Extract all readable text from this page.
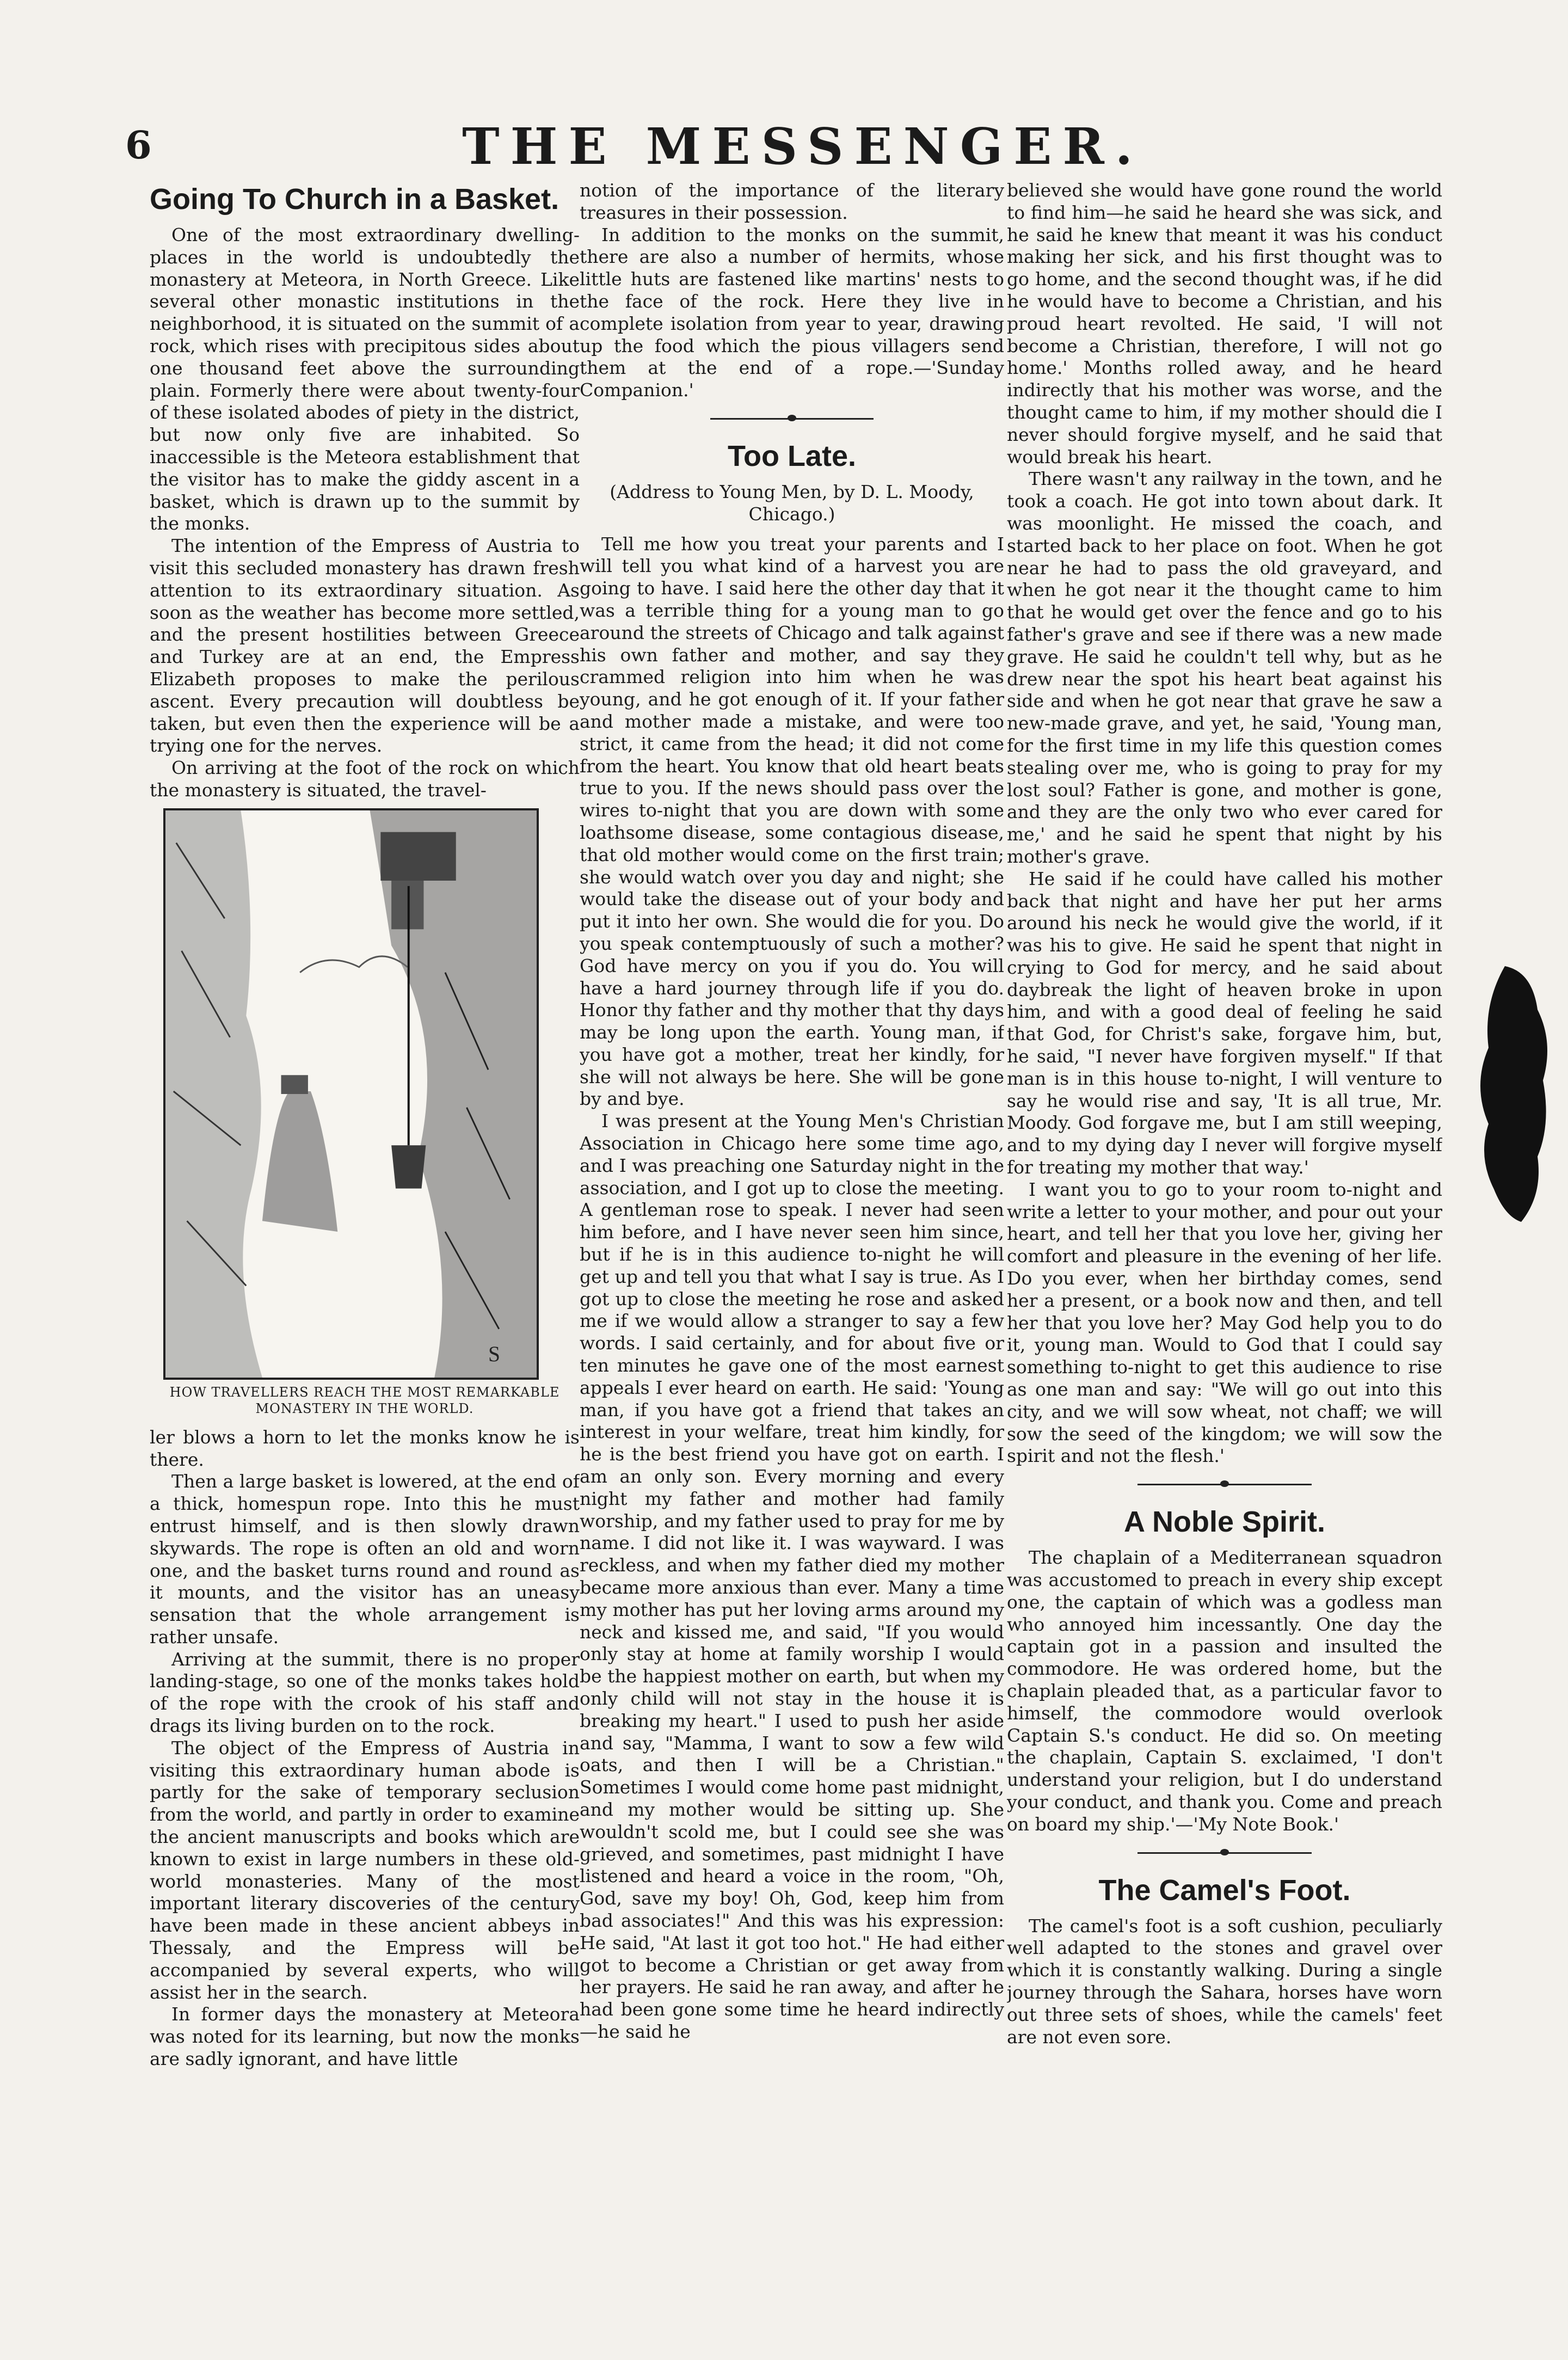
6	THE MESSENGER.
Going To Church in a Basket.

One of the most extraordinary dwelling-places in the world is undoubtedly the monastery at Meteora, in North Greece. Like several other monastic institutions in the neighborhood, it is situated on the summit of a rock, which rises with precipitous sides about one thousand feet above the surrounding plain. Formerly there were about twenty-four of these isolated abodes of piety in the district, but now only five are inhabited. So inaccessible is the Meteora establishment that the visitor has to make the giddy ascent in a basket, which is drawn up to the summit by the monks.

The intention of the Empress of Austria to visit this secluded monastery has drawn fresh attention to its extraordinary situation. As soon as the weather has become more settled, and the present hostilities between Greece and Turkey are at an end, the Empress Elizabeth proposes to make the perilous ascent. Every precaution will doubtless be taken, but even then the experience will be a trying one for the nerves.

On arriving at the foot of the rock on which the monastery is situated, the travel-

S

HOW TRAVELLERS REACH THE MOST REMARKABLE MONASTERY IN THE WORLD.

ler blows a horn to let the monks know he is there.

Then a large basket is lowered, at the end of a thick, homespun rope. Into this he must entrust himself, and is then slowly drawn skywards. The rope is often an old and worn one, and the basket turns round and round as it mounts, and the visitor has an uneasy sensation that the whole arrangement is rather unsafe.

Arriving at the summit, there is no proper landing-stage, so one of the monks takes hold of the rope with the crook of his staff and drags its living burden on to the rock.

The object of the Empress of Austria in visiting this extraordinary human abode is partly for the sake of temporary seclusion from the world, and partly in order to examine the ancient manuscripts and books which are known to exist in large numbers in these old-world monasteries. Many of the most important literary discoveries of the century have been made in these ancient abbeys in Thessaly, and the Empress will be accompanied by several experts, who will assist her in the search.

In former days the monastery at Meteora was noted for its learning, but now the monks are sadly ignorant, and have little

notion of the importance of the literary treasures in their possession.

In addition to the monks on the summit, there are also a number of hermits, whose little huts are fastened like martins' nests to the face of the rock. Here they live in complete isolation from year to year, drawing up the food which the pious villagers send them at the end of a rope.—'Sunday Companion.'

Too Late.

(Address to Young Men, by D. L. Moody, Chicago.)

Tell me how you treat your parents and I will tell you what kind of a harvest you are going to have. I said here the other day that it was a terrible thing for a young man to go around the streets of Chicago and talk against his own father and mother, and say they crammed religion into him when he was young, and he got enough of it. If your father and mother made a mistake, and were too strict, it came from the head; it did not come from the heart. You know that old heart beats true to you. If the news should pass over the wires to-night that you are down with some loathsome disease, some contagious disease, that old mother would come on the first train; she would watch over you day and night; she would take the disease out of your body and put it into her own. She would die for you. Do you speak contemptuously of such a mother? God have mercy on you if you do. You will have a hard journey through life if you do. Honor thy father and thy mother that thy days may be long upon the earth. Young man, if you have got a mother, treat her kindly, for she will not always be here. She will be gone by and bye.

I was present at the Young Men's Christian Association in Chicago here some time ago, and I was preaching one Saturday night in the association, and I got up to close the meeting. A gentleman rose to speak. I never had seen him before, and I have never seen him since, but if he is in this audience to-night he will get up and tell you that what I say is true. As I got up to close the meeting he rose and asked me if we would allow a stranger to say a few words. I said certainly, and for about five or ten minutes he gave one of the most earnest appeals I ever heard on earth. He said: 'Young man, if you have got a friend that takes an interest in your welfare, treat him kindly, for he is the best friend you have got on earth. I am an only son. Every morning and every night my father and mother had family worship, and my father used to pray for me by name. I did not like it. I was wayward. I was reckless, and when my father died my mother became more anxious than ever. Many a time my mother has put her loving arms around my neck and kissed me, and said, "If you would only stay at home at family worship I would be the happiest mother on earth, but when my only child will not stay in the house it is breaking my heart." I used to push her aside and say, "Mamma, I want to sow a few wild oats, and then I will be a Christian." Sometimes I would come home past midnight, and my mother would be sitting up. She wouldn't scold me, but I could see she was grieved, and sometimes, past midnight I have listened and heard a voice in the room, "Oh, God, save my boy! Oh, God, keep him from bad associates!" And this was his expression: He said, "At last it got too hot." He had either got to become a Christian or get away from her prayers. He said he ran away, and after he had been gone some time he heard indirectly—he said he

believed she would have gone round the world to find him—he said he heard she was sick, and he said he knew that meant it was his conduct making her sick, and his first thought was to go home, and the second thought was, if he did he would have to become a Christian, and his proud heart revolted. He said, 'I will not become a Christian, therefore, I will not go home.' Months rolled away, and he heard indirectly that his mother was worse, and the thought came to him, if my mother should die I never should forgive myself, and he said that would break his heart.

There wasn't any railway in the town, and he took a coach. He got into town about dark. It was moonlight. He missed the coach, and started back to her place on foot. When he got near he had to pass the old graveyard, and when he got near it the thought came to him that he would get over the fence and go to his father's grave and see if there was a new made grave. He said he couldn't tell why, but as he drew near the spot his heart beat against his side and when he got near that grave he saw a new-made grave, and yet, he said, 'Young man, for the first time in my life this question comes stealing over me, who is going to pray for my lost soul? Father is gone, and mother is gone, and they are the only two who ever cared for me,' and he said he spent that night by his mother's grave.

He said if he could have called his mother back that night and have her put her arms around his neck he would give the world, if it was his to give. He said he spent that night in crying to God for mercy, and he said about daybreak the light of heaven broke in upon him, and with a good deal of feeling he said that God, for Christ's sake, forgave him, but, he said, "I never have forgiven myself." If that man is in this house to-night, I will venture to say he would rise and say, 'It is all true, Mr. Moody. God forgave me, but I am still weeping, and to my dying day I never will forgive myself for treating my mother that way.'

I want you to go to your room to-night and write a letter to your mother, and pour out your heart, and tell her that you love her, giving her comfort and pleasure in the evening of her life. Do you ever, when her birthday comes, send her a present, or a book now and then, and tell her that you love her? May God help you to do it, young man. Would to God that I could say something to-night to get this audience to rise as one man and say: "We will go out into this city, and we will sow wheat, not chaff; we will sow the seed of the kingdom; we will sow the spirit and not the flesh.'

A Noble Spirit.

The chaplain of a Mediterranean squadron was accustomed to preach in every ship except one, the captain of which was a godless man who annoyed him incessantly. One day the captain got in a passion and insulted the commodore. He was ordered home, but the chaplain pleaded that, as a particular favor to himself, the commodore would overlook Captain S.'s conduct. He did so. On meeting the chaplain, Captain S. exclaimed, 'I don't understand your religion, but I do understand your conduct, and thank you. Come and preach on board my ship.'—'My Note Book.'

The Camel's Foot.

The camel's foot is a soft cushion, peculiarly well adapted to the stones and gravel over which it is constantly walking. During a single journey through the Sahara, horses have worn out three sets of shoes, while the camels' feet are not even sore.
